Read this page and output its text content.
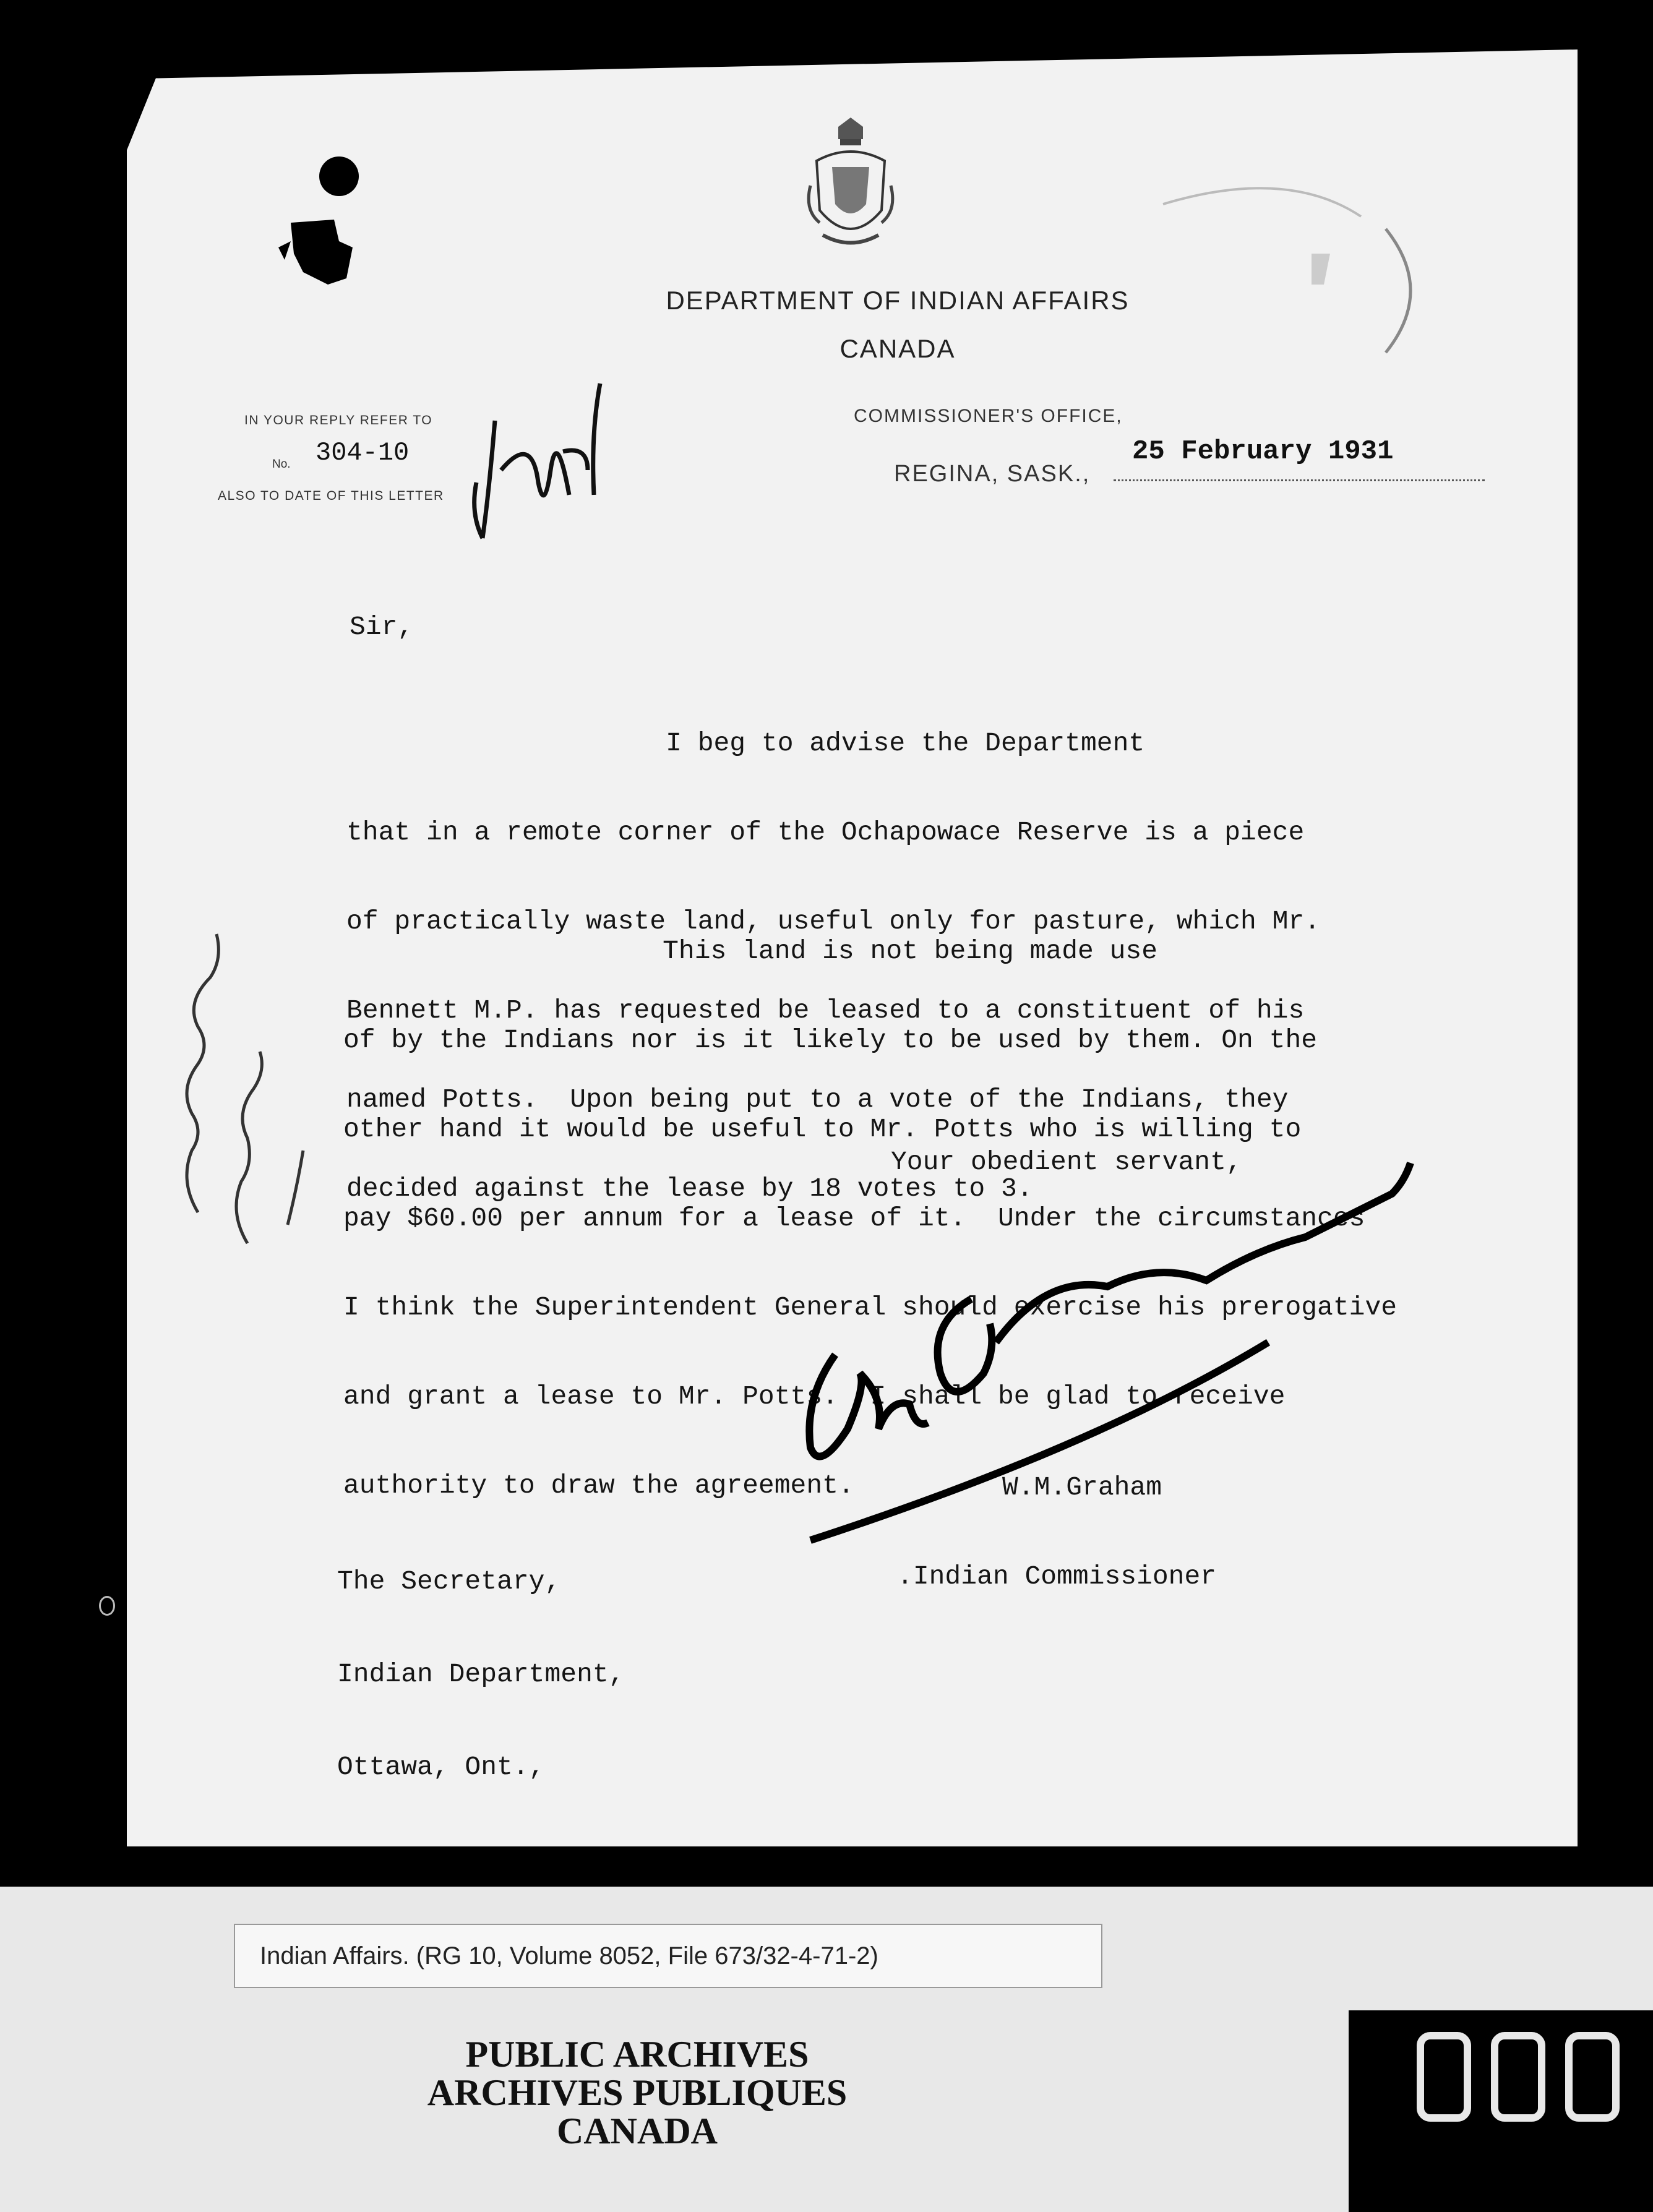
DEPARTMENT OF INDIAN AFFAIRS
CANADA
IN YOUR REPLY REFER TO
No. 304-10
ALSO TO DATE OF THIS LETTER
COMMISSIONER'S OFFICE,
REGINA, SASK.,
25 February 1931
Sir,

I beg to advise the Department

that in a remote corner of the Ochapowace Reserve is a piece

of practically waste land, useful only for pasture, which Mr.

Bennett M.P. has requested be leased to a constituent of his

named Potts.  Upon being put to a vote of the Indians, they

decided against the lease by 18 votes to 3.

This land is not being made use

of by the Indians nor is it likely to be used by them. On the

other hand it would be useful to Mr. Potts who is willing to

pay $60.00 per annum for a lease of it.  Under the circumstances

I think the Superintendent General should exercise his prerogative

and grant a lease to Mr. Potts.  I shall be glad to receive

authority to draw the agreement.

Your obedient servant,

W.M.Graham

.Indian Commissioner

The Secretary,

Indian Department,

Ottawa, Ont.,

Indian Affairs. (RG 10, Volume 8052, File 673/32-4-71-2)
PUBLIC ARCHIVES
ARCHIVES PUBLIQUES
CANADA
